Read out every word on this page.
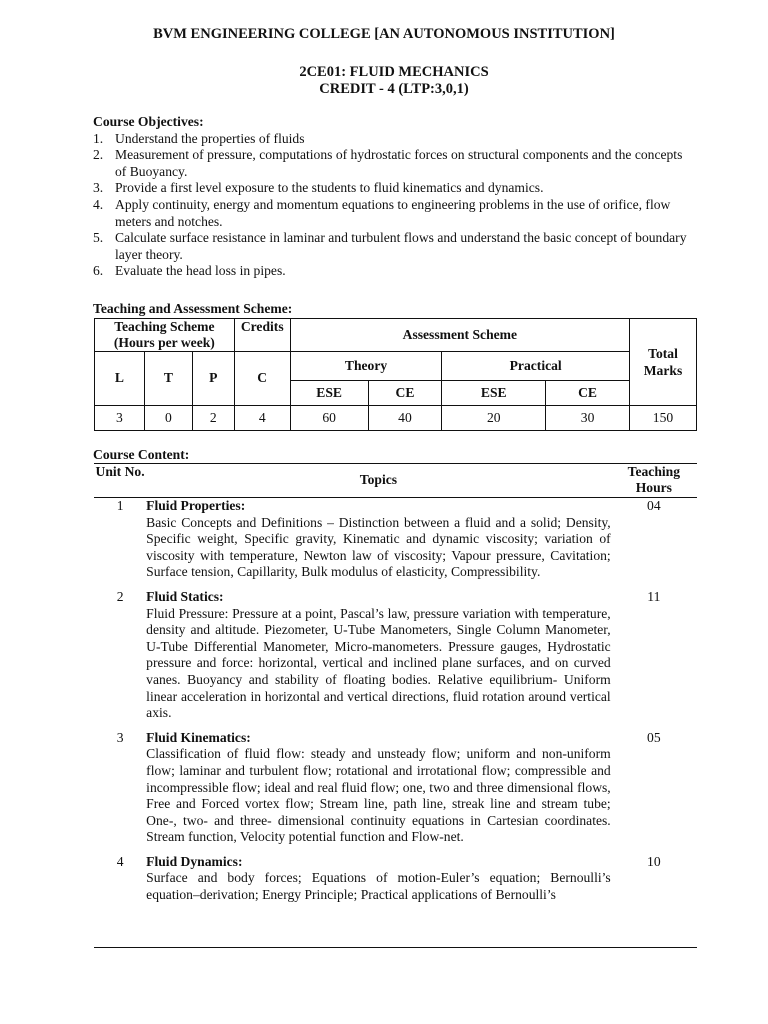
BVM ENGINEERING COLLEGE [AN AUTONOMOUS INSTITUTION]
2CE01: FLUID MECHANICS
CREDIT - 4 (LTP:3,0,1)
Course Objectives:
1. Understand the properties of fluids
2. Measurement of pressure, computations of hydrostatic forces on structural components and the concepts of Buoyancy.
3. Provide a first level exposure to the students to fluid kinematics and dynamics.
4. Apply continuity, energy and momentum equations to engineering problems in the use of orifice, flow meters and notches.
5. Calculate surface resistance in laminar and turbulent flows and understand the basic concept of boundary layer theory.
6. Evaluate the head loss in pipes.
Teaching and Assessment Scheme:
Teaching Scheme (Hours per week)			Credits	Assessment Scheme				Total Marks
L	T	P	C	Theory		Practical		
				ESE	CE	ESE	CE	
3	0	2	4	60	40	20	30	150
Course Content:
Unit No.	Topics	Teaching Hours
1	Fluid Properties:
Basic Concepts and Definitions – Distinction between a fluid and a solid; Density, Specific weight, Specific gravity, Kinematic and dynamic viscosity; variation of viscosity with temperature, Newton law of viscosity; Vapour pressure, Cavitation; Surface tension, Capillarity, Bulk modulus of elasticity, Compressibility.	04
2	Fluid Statics:
Fluid Pressure: Pressure at a point, Pascal’s law, pressure variation with temperature, density and altitude. Piezometer, U-Tube Manometers, Single Column Manometer, U-Tube Differential Manometer, Micro-manometers. Pressure gauges, Hydrostatic pressure and force: horizontal, vertical and inclined plane surfaces, and on curved vanes. Buoyancy and stability of floating bodies. Relative equilibrium- Uniform linear acceleration in horizontal and vertical directions, fluid rotation around vertical axis.	11
3	Fluid Kinematics:
Classification of fluid flow: steady and unsteady flow; uniform and non-uniform flow; laminar and turbulent flow; rotational and irrotational flow; compressible and incompressible flow; ideal and real fluid flow; one, two and three dimensional flows, Free and Forced vortex flow; Stream line, path line, streak line and stream tube; One-, two- and three- dimensional continuity equations in Cartesian coordinates. Stream function, Velocity potential function and Flow-net.	05
4	Fluid Dynamics:
Surface and body forces; Equations of motion-Euler’s equation; Bernoulli’s equation–derivation; Energy Principle; Practical applications of Bernoulli’s	10
